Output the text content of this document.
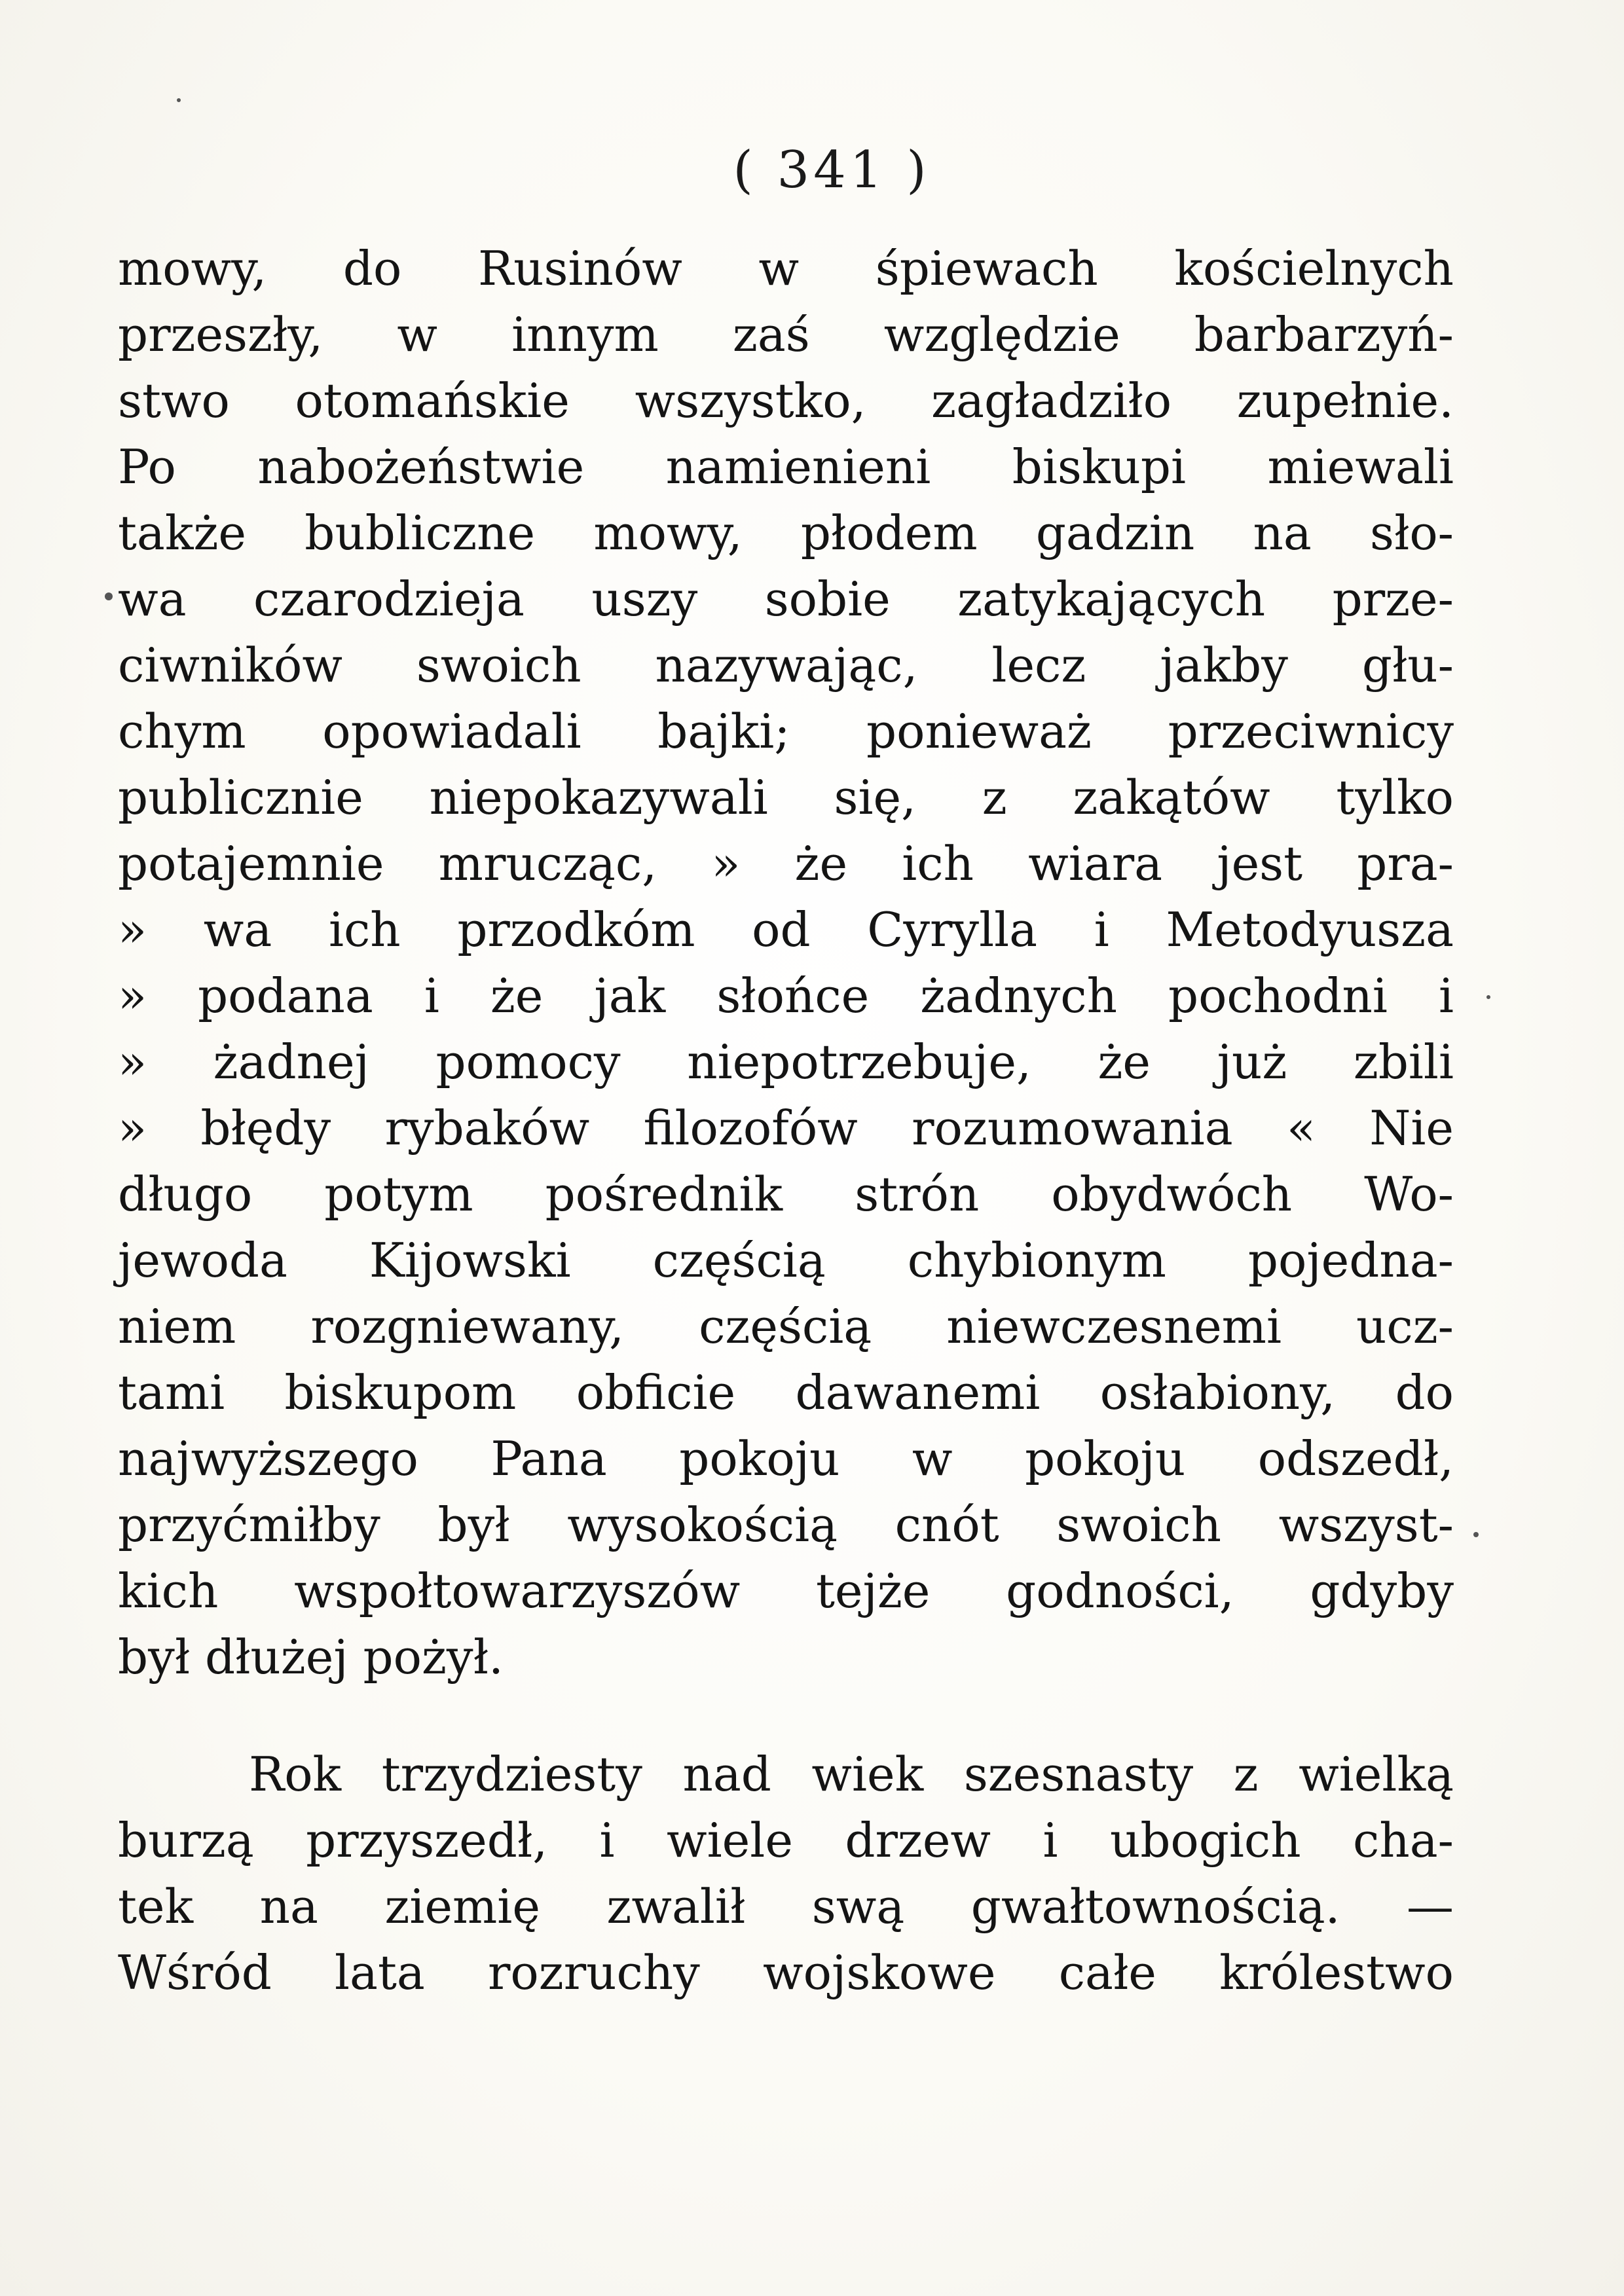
( 341 )
mowy, do Rusinów w śpiewach kościelnych
przeszły, w innym zaś względzie barbarzyń-
stwo otomańskie wszystko, zagładziło zupełnie.
Po nabożeństwie namienieni biskupi miewali
także bubliczne mowy, płodem gadzin na sło-
wa czarodzieja uszy sobie zatykających prze-
ciwników swoich nazywając, lecz jakby głu-
chym opowiadali bajki; ponieważ przeciwnicy
publicznie niepokazywali się, z zakątów tylko
potajemnie mrucząc, » że ich wiara jest pra-
» wa ich przodkóm od Cyrylla i Metodyusza
» podana i że jak słońce żadnych pochodni i
» żadnej pomocy niepotrzebuje, że już zbili
» błędy rybaków filozofów rozumowania « Nie
długo potym pośrednik strón obydwóch Wo-
jewoda Kijowski częścią chybionym pojedna-
niem rozgniewany, częścią niewczesnemi ucz-
tami biskupom obficie dawanemi osłabiony, do
najwyższego Pana pokoju w pokoju odszedł,
przyćmiłby był wysokością cnót swoich wszyst-
kich wspołtowarzyszów tejże godności, gdyby
był dłużej pożył.
Rok trzydziesty nad wiek szesnasty z wielką
burzą przyszedł, i wiele drzew i ubogich cha-
tek na ziemię zwalił swą gwałtownością. —
Wśród lata rozruchy wojskowe całe królestwo
